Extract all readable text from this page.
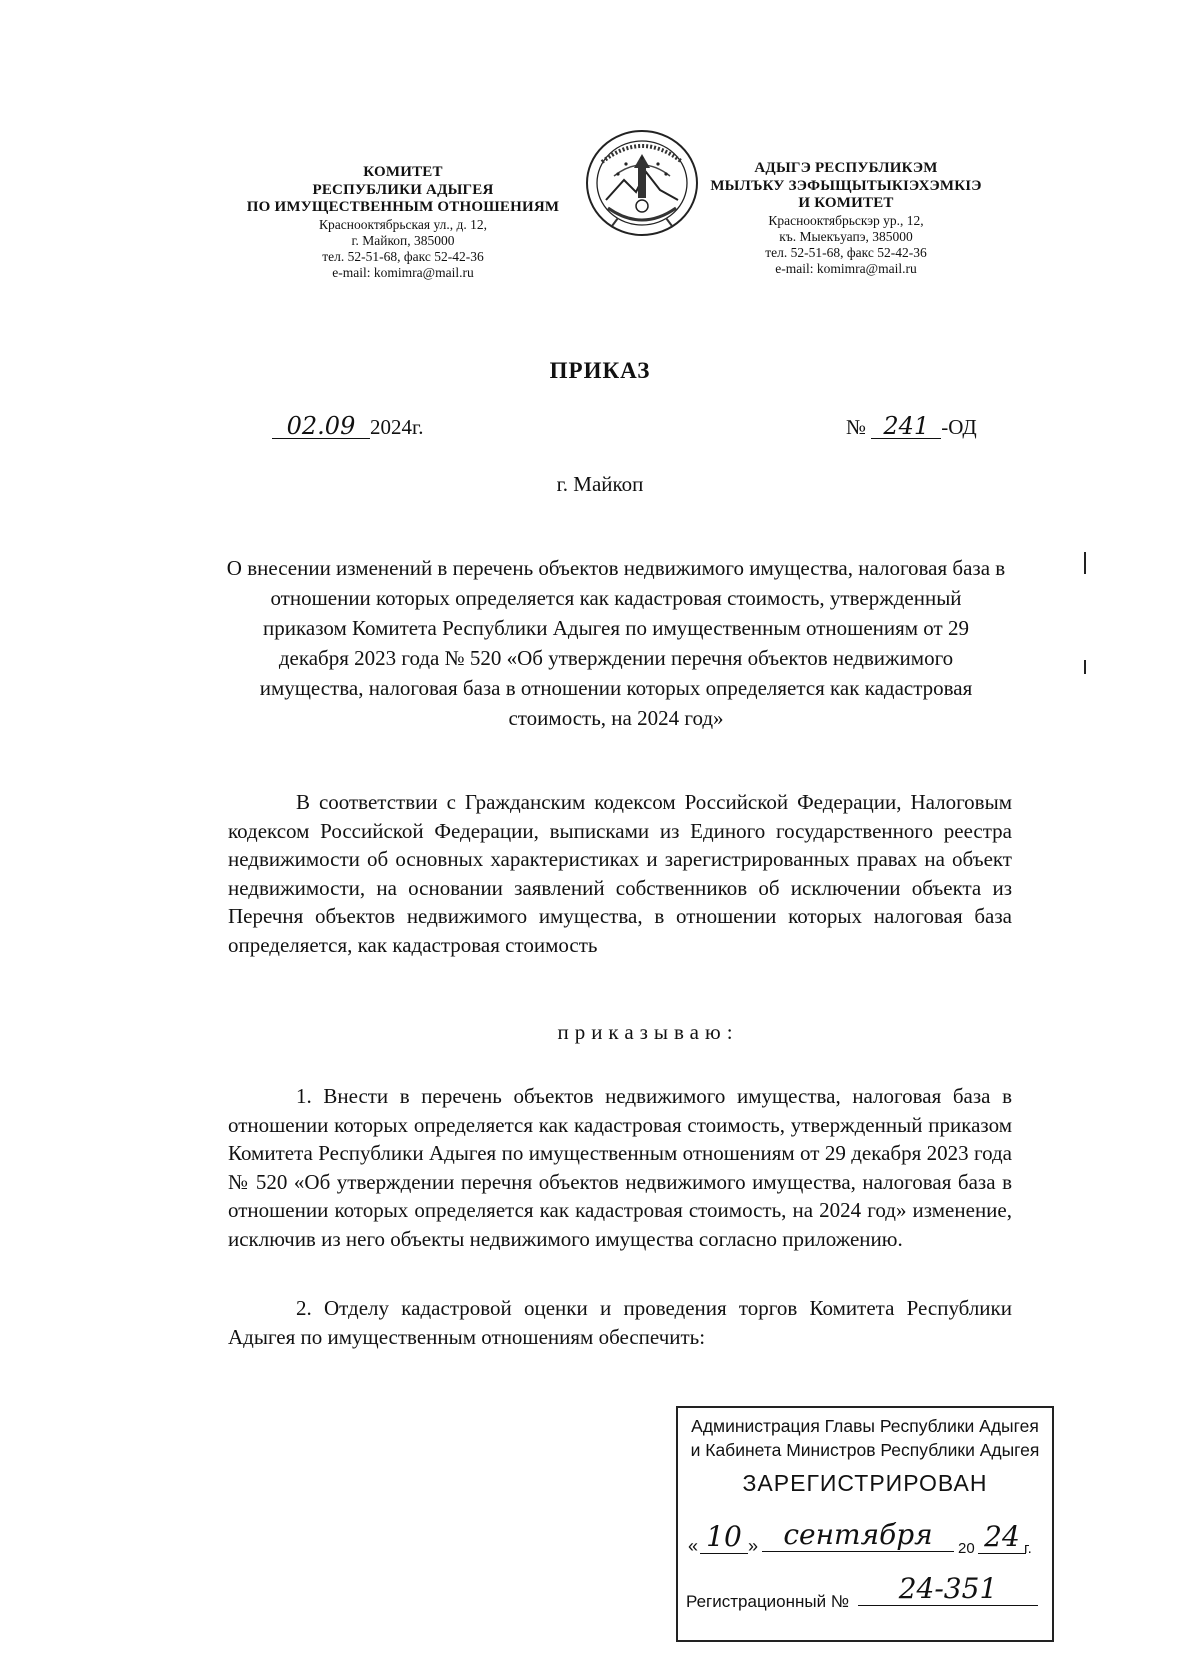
КОМИТЕТ
РЕСПУБЛИКИ АДЫГЕЯ
ПО ИМУЩЕСТВЕННЫМ ОТНОШЕНИЯМ
Краснооктябрьская ул., д. 12,
г. Майкоп, 385000
тел. 52-51-68, факс 52-42-36
e-mail: komimra@mail.ru
АДЫГЭ РЕСПУБЛИКЭМ
МЫЛЪКУ ЗЭФЫЩЫТЫКІЭХЭМКІЭ
И КОМИТЕТ
Краснооктябрьскэр ур., 12,
къ. Мыекъуапэ, 385000
тел. 52-51-68, факс 52-42-36
e-mail: komimra@mail.ru
ПРИКАЗ
02.09 2024г.	№ 241 -ОД
г. Майкоп

О внесении изменений в перечень объектов недвижимого имущества, налоговая база в отношении которых определяется как кадастровая стоимость, утвержденный приказом Комитета Республики Адыгея по имущественным отношениям от 29 декабря 2023 года № 520 «Об утверждении перечня объектов недвижимого имущества, налоговая база в отношении которых определяется как кадастровая стоимость, на 2024 год»

В соответствии с Гражданским кодексом Российской Федерации, Налоговым кодексом Российской Федерации, выписками из Единого государственного реестра недвижимости об основных характеристиках и зарегистрированных правах на объект недвижимости, на основании заявлений собственников об исключении объекта из Перечня объектов недвижимого имущества, в отношении которых налоговая база определяется, как кадастровая стоимость

приказываю:

1. Внести в перечень объектов недвижимого имущества, налоговая база в отношении которых определяется как кадастровая стоимость, утвержденный приказом Комитета Республики Адыгея по имущественным отношениям от 29 декабря 2023 года № 520 «Об утверждении перечня объектов недвижимого имущества, налоговая база в отношении которых определяется как кадастровая стоимость, на 2024 год» изменение, исключив из него объекты недвижимого имущества согласно приложению.

2. Отделу кадастровой оценки и проведения торгов Комитета Республики Адыгея по имущественным отношениям обеспечить:

Администрация Главы Республики Адыгея
и Кабинета Министров Республики Адыгея
ЗАРЕГИСТРИРОВАН
« 10 » сентября	20 24 г.
Регистрационный №	24-351
